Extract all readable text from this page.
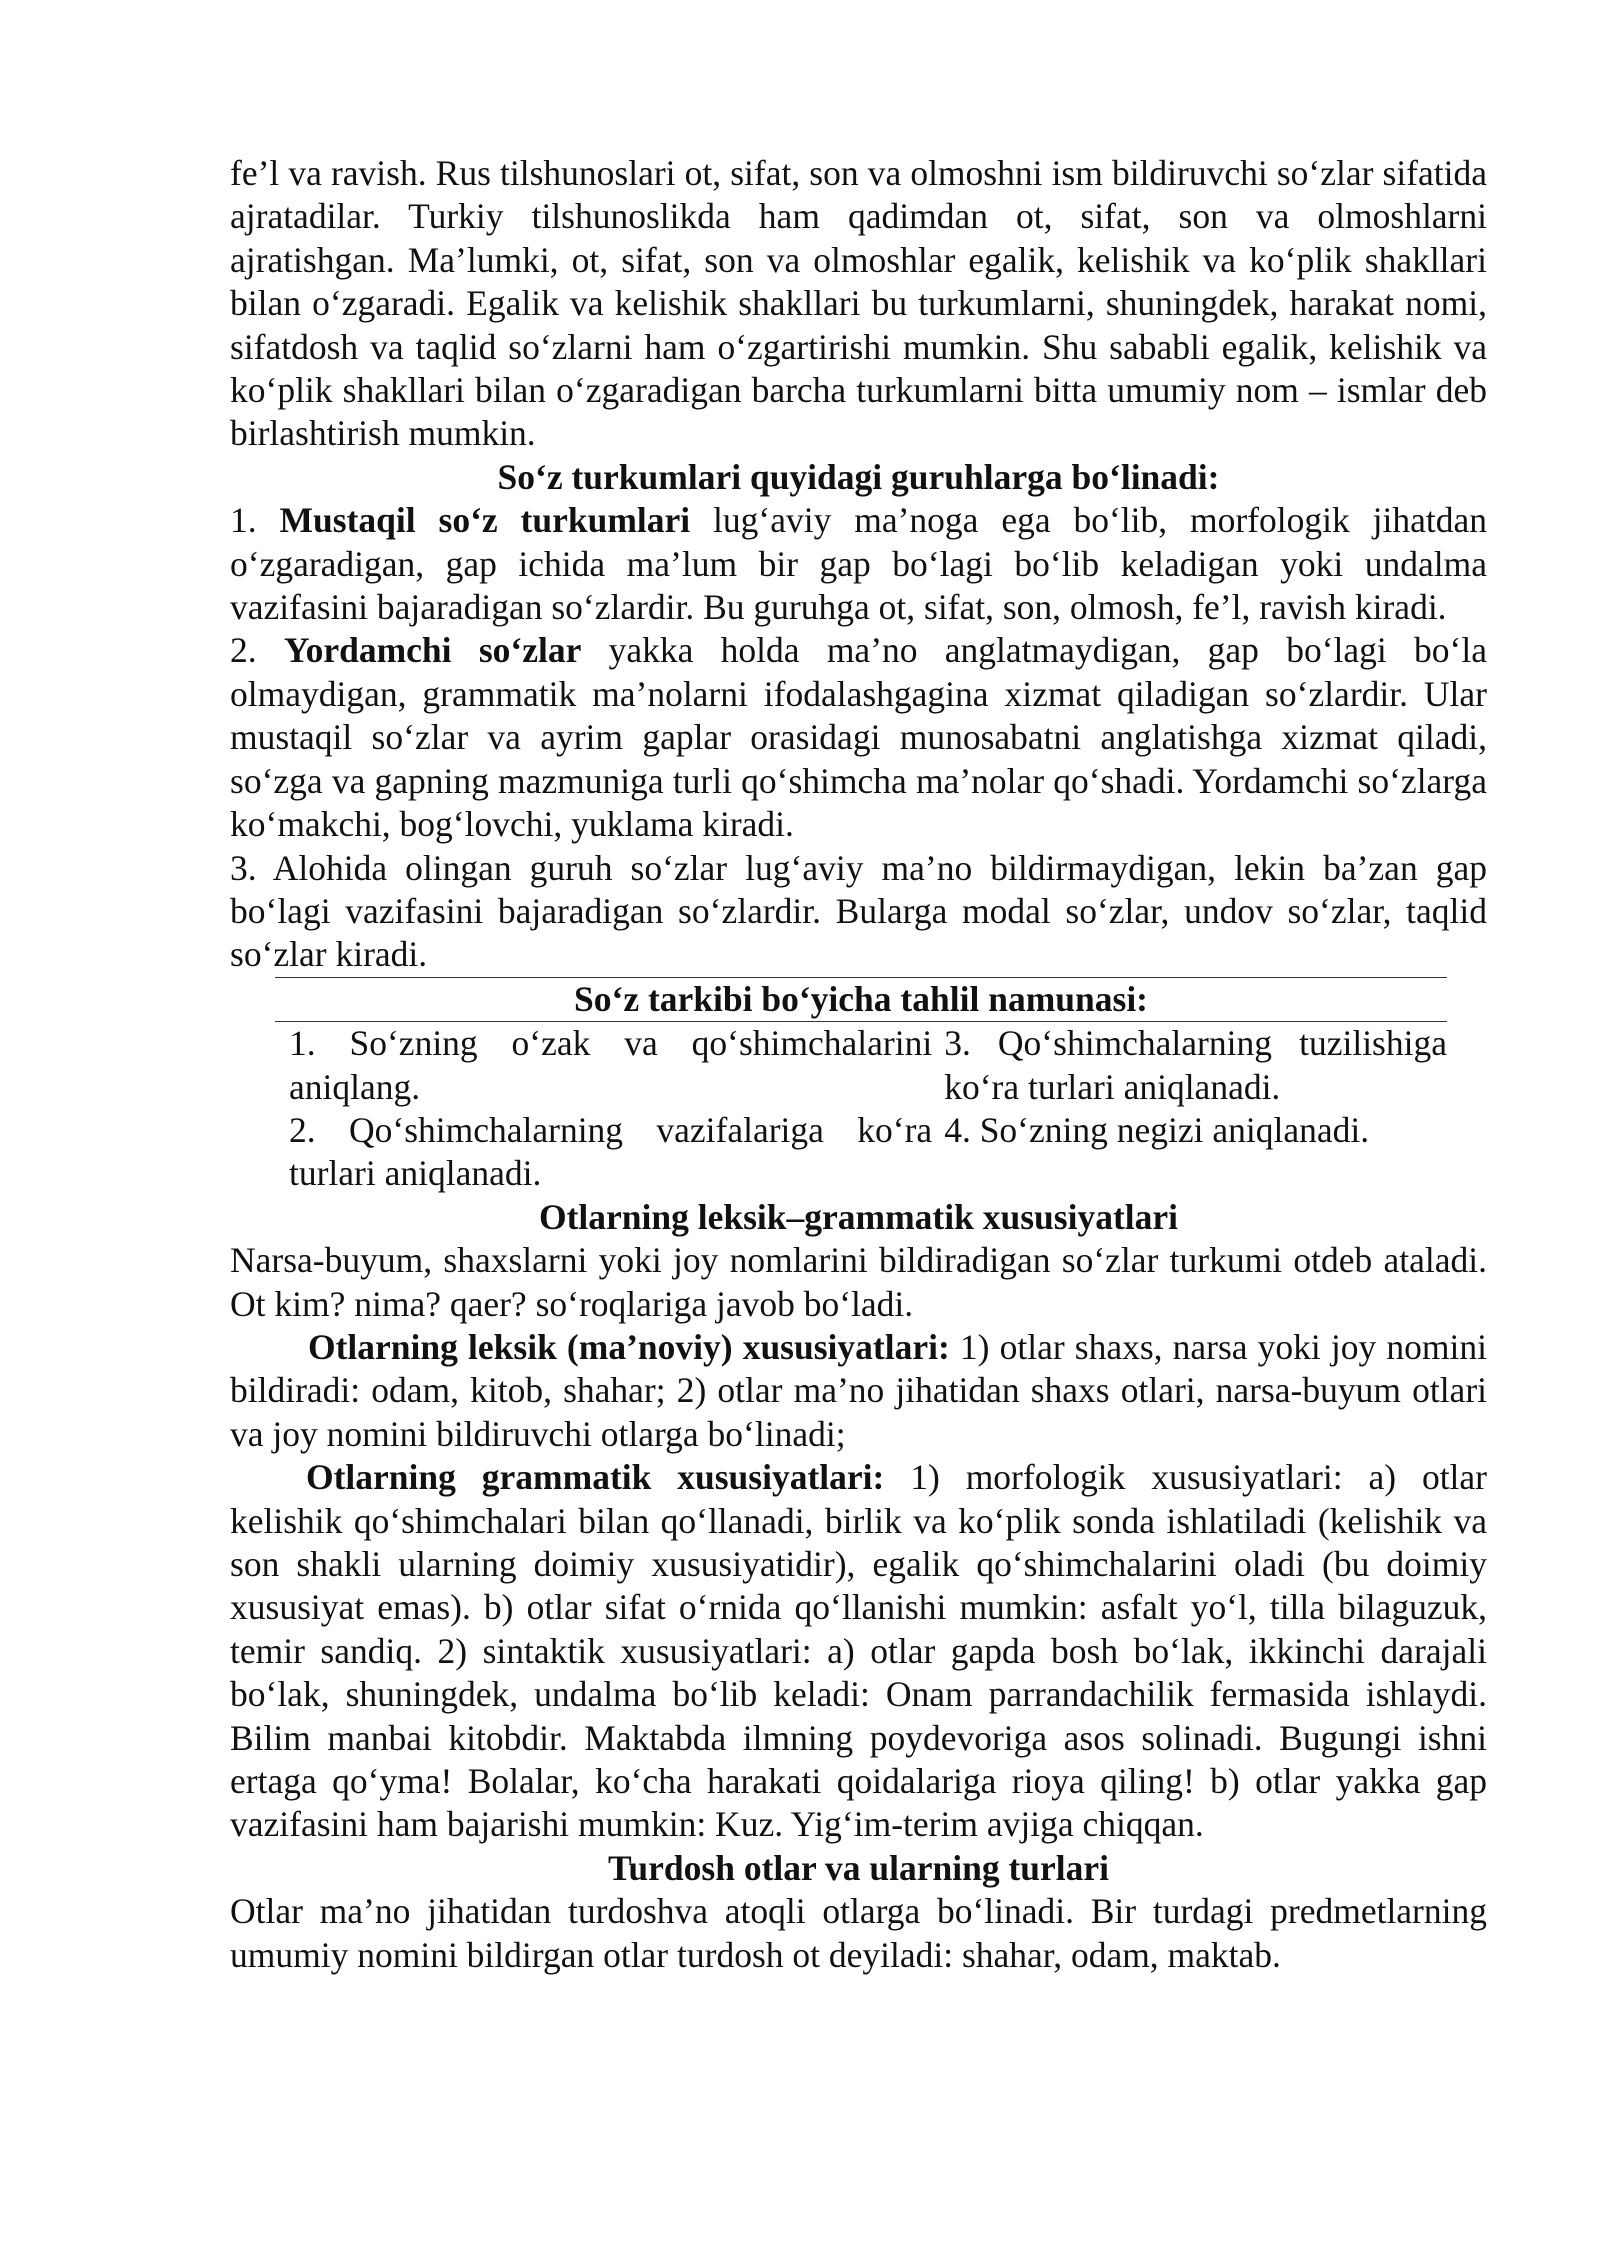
fe’l va ravish. Rus tilshunoslari ot, sifat, son va olmoshni ism bildiruvchi so‘zlar sifatida ajratadilar. Turkiy tilshunoslikda ham qadimdan ot, sifat, son va olmoshlarni ajratishgan. Ma’lumki, ot, sifat, son va olmoshlar egalik, kelishik va ko‘plik shakllari bilan o‘zgaradi. Egalik va kelishik shakllari bu turkumlarni, shuningdek, harakat nomi, sifatdosh va taqlid so‘zlarni ham o‘zgartirishi mumkin. Shu sababli egalik, kelishik va ko‘plik shakllari bilan o‘zgaradigan barcha turkumlarni bitta umumiy nom – ismlar deb birlashtirish mumkin.

So‘z turkumlari quyidagi guruhlarga bo‘linadi:

1. Mustaqil so‘z turkumlari lug‘aviy ma’noga ega bo‘lib, morfologik jihatdan o‘zgaradigan, gap ichida ma’lum bir gap bo‘lagi bo‘lib keladigan yoki undalma vazifasini bajaradigan so‘zlardir. Bu guruhga ot, sifat, son, olmosh, fe’l, ravish kiradi.

2. Yordamchi so‘zlar yakka holda ma’no anglatmaydigan, gap bo‘lagi bo‘la olmaydigan, grammatik ma’nolarni ifodalashgagina xizmat qiladigan so‘zlardir. Ular mustaqil so‘zlar va ayrim gaplar orasidagi munosabatni anglatishga xizmat qiladi, so‘zga va gapning mazmuniga turli qo‘shimcha ma’nolar qo‘shadi. Yordamchi so‘zlarga ko‘makchi, bog‘lovchi, yuklama kiradi.

3. Alohida olingan guruh so‘zlar lug‘aviy ma’no bildirmaydigan, lekin ba’zan gap bo‘lagi vazifasini bajaradigan so‘zlardir. Bularga modal so‘zlar, undov so‘zlar, taqlid so‘zlar kiradi.

So‘z tarkibi bo‘yicha tahlil namunasi:
1. So‘zning o‘zak va qo‘shimchalarini aniqlang.
2. Qo‘shimchalarning vazifalariga ko‘ra turlari aniqlanadi.
3. Qo‘shimchalarning tuzilishiga ko‘ra turlari aniqlanadi.
4. So‘zning negizi aniqlanadi.

Otlarning leksik–grammatik xususiyatlari

Narsa-buyum, shaxslarni yoki joy nomlarini bildiradigan so‘zlar turkumi otdeb ataladi. Ot kim? nima? qaer? so‘roqlariga javob bo‘ladi.

Otlarning leksik (ma’noviy) xususiyatlari: 1) otlar shaxs, narsa yoki joy nomini bildiradi: odam, kitob, shahar; 2) otlar ma’no jihatidan shaxs otlari, narsa-buyum otlari va joy nomini bildiruvchi otlarga bo‘linadi;

Otlarning grammatik xususiyatlari: 1) morfologik xususiyatlari: a) otlar kelishik qo‘shimchalari bilan qo‘llanadi, birlik va ko‘plik sonda ishlatiladi (kelishik va son shakli ularning doimiy xususiyatidir), egalik qo‘shimchalarini oladi (bu doimiy xususiyat emas). b) otlar sifat o‘rnida qo‘llanishi mumkin: asfalt yo‘l, tilla bilaguzuk, temir sandiq. 2) sintaktik xususiyatlari: a) otlar gapda bosh bo‘lak, ikkinchi darajali bo‘lak, shuningdek, undalma bo‘lib keladi: Onam parrandachilik fermasida ishlaydi. Bilim manbai kitobdir. Maktabda ilmning poydevoriga asos solinadi. Bugungi ishni ertaga qo‘yma! Bolalar, ko‘cha harakati qoidalariga rioya qiling! b) otlar yakka gap vazifasini ham bajarishi mumkin: Kuz. Yig‘im-terim avjiga chiqqan.

Turdosh otlar va ularning turlari

Otlar ma’no jihatidan turdoshva atoqli otlarga bo‘linadi. Bir turdagi predmetlarning umumiy nomini bildirgan otlar turdosh ot deyiladi: shahar, odam, maktab.
